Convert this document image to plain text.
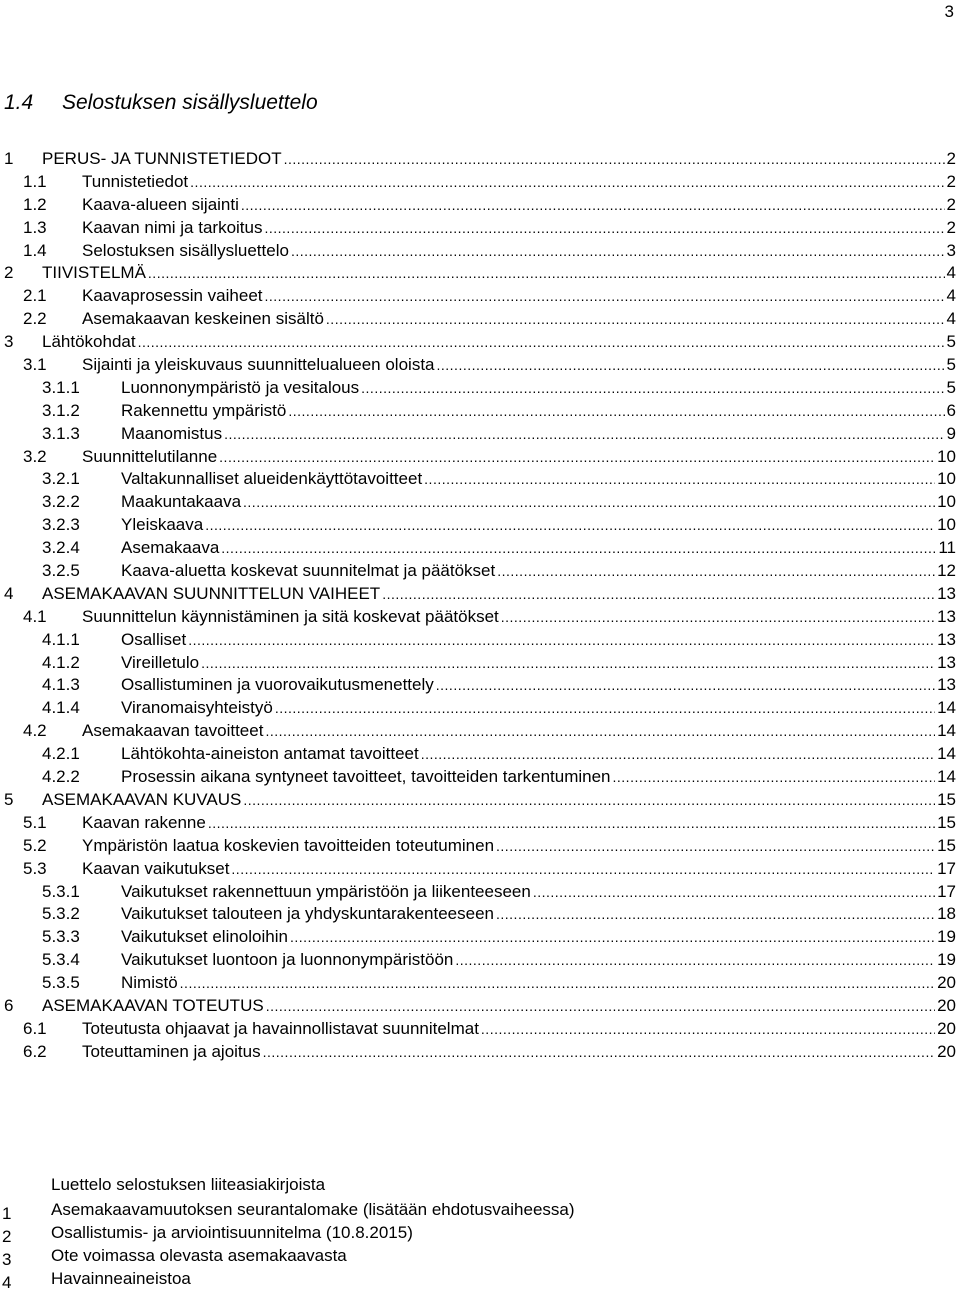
3
1.4 Selostuksen sisällysluettelo
1 PERUS- JA TUNNISTETIEDOT .....	2
1.1 Tunnistetiedot .....	2
1.2 Kaava-alueen sijainti .....	2
1.3 Kaavan nimi ja tarkoitus .....	2
1.4 Selostuksen sisällysluettelo .....	3
2 TIIVISTELMÄ .....	4
2.1 Kaavaprosessin vaiheet .....	4
2.2 Asemakaavan keskeinen sisältö .....	4
3 Lähtökohdat .....	5
3.1 Sijainti ja yleiskuvaus suunnittelualueen oloista .....	5
3.1.1 Luonnonympäristö ja vesitalous .....	5
3.1.2 Rakennettu ympäristö .....	6
3.1.3 Maanomistus .....	9
3.2 Suunnittelutilanne .....	10
3.2.1 Valtakunnalliset alueidenkäyttötavoitteet .....	10
3.2.2 Maakuntakaava .....	10
3.2.3 Yleiskaava .....	10
3.2.4 Asemakaava .....	11
3.2.5 Kaava-aluetta koskevat suunnitelmat ja päätökset .....	12
4 ASEMAKAAVAN SUUNNITTELUN VAIHEET .....	13
4.1 Suunnittelun käynnistäminen ja sitä koskevat päätökset .....	13
4.1.1 Osalliset .....	13
4.1.2 Vireilletulo .....	13
4.1.3 Osallistuminen ja vuorovaikutusmenettely .....	13
4.1.4 Viranomaisyhteistyö .....	14
4.2 Asemakaavan tavoitteet .....	14
4.2.1 Lähtökohta-aineiston antamat tavoitteet .....	14
4.2.2 Prosessin aikana syntyneet tavoitteet, tavoitteiden tarkentuminen .....	14
5 ASEMAKAAVAN KUVAUS .....	15
5.1 Kaavan rakenne .....	15
5.2 Ympäristön laatua koskevien tavoitteiden toteutuminen .....	15
5.3 Kaavan vaikutukset .....	17
5.3.1 Vaikutukset rakennettuun ympäristöön ja liikenteeseen .....	17
5.3.2 Vaikutukset talouteen ja yhdyskuntarakenteeseen .....	18
5.3.3 Vaikutukset elinoloihin .....	19
5.3.4 Vaikutukset luontoon ja luonnonympäristöön .....	19
5.3.5 Nimistö .....	20
6 ASEMAKAAVAN TOTEUTUS .....	20
6.1 Toteutusta ohjaavat ja havainnollistavat suunnitelmat .....	20
6.2 Toteuttaminen ja ajoitus .....	20
Luettelo selostuksen liiteasiakirjoista
1 Asemakaavamuutoksen seurantalomake (lisätään ehdotusvaiheessa)
2 Osallistumis- ja arviointisuunnitelma (10.8.2015)
3 Ote voimassa olevasta asemakaavasta
4 Havainneaineistoa
